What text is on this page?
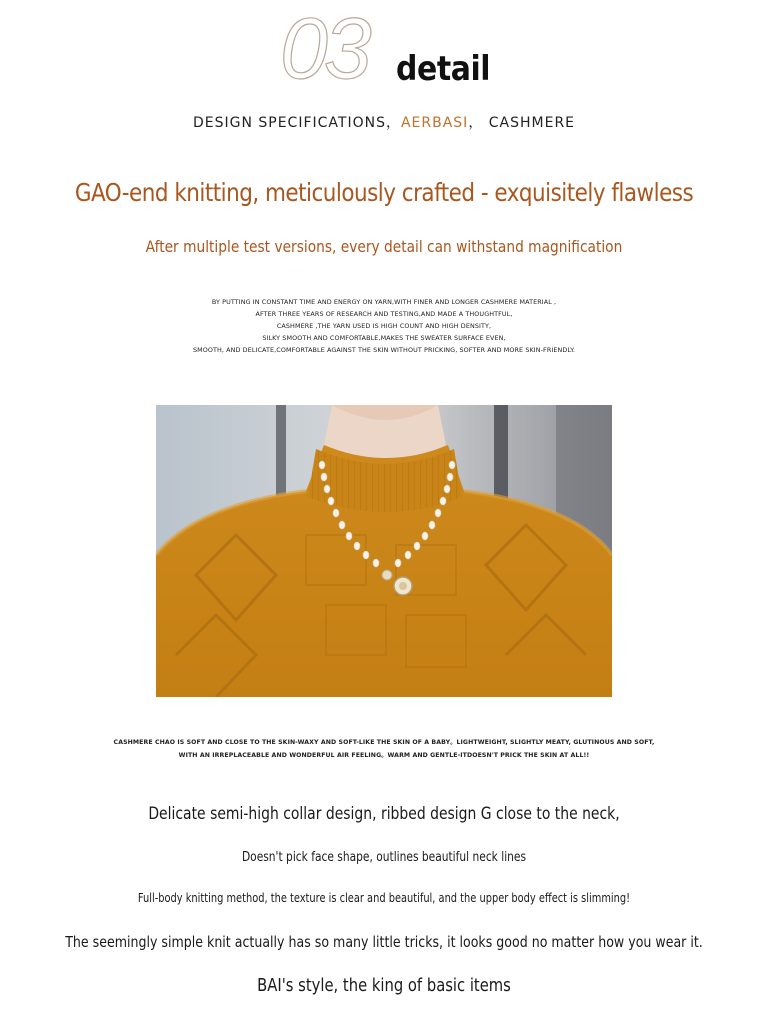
03 detail
DESIGN SPECIFICATIONS，AERBASI， CASHMERE
GAO-end knitting, meticulously crafted - exquisitely flawless
After multiple test versions, every detail can withstand magnification
BY PUTTING IN CONSTANT TIME AND ENERGY ON YARN,WITH FINER AND LONGER CASHMERE MATERIAL ,
AFTER THREE YEARS OF RESEARCH AND TESTING,AND MADE A THOUGHTFUL,
CASHMERE ,THE YARN USED IS HIGH COUNT AND HIGH DENSITY,
SILKY SMOOTH AND COMFORTABLE,MAKES THE SWEATER SURFACE EVEN,
SMOOTH, AND DELICATE,COMFORTABLE AGAINST THE SKIN WITHOUT PRICKING, SOFTER AND MORE SKIN-FRIENDLY.
CASHMERE CHAO IS SOFT AND CLOSE TO THE SKIN-WAXY AND SOFT-LIKE THE SKIN OF A BABY。LIGHTWEIGHT, SLIGHTLY MEATY, GLUTINOUS AND SOFT,
WITH AN IRREPLACEABLE AND WONDERFUL AIR FEELING。WARM AND GENTLE-ITDOESN'T PRICK THE SKIN AT ALL!!
Delicate semi-high collar design, ribbed design G close to the neck,
Doesn't pick face shape, outlines beautiful neck lines
Full-body knitting method, the texture is clear and beautiful, and the upper body effect is slimming!
The seemingly simple knit actually has so many little tricks, it looks good no matter how you wear it.
BAI's style, the king of basic items
